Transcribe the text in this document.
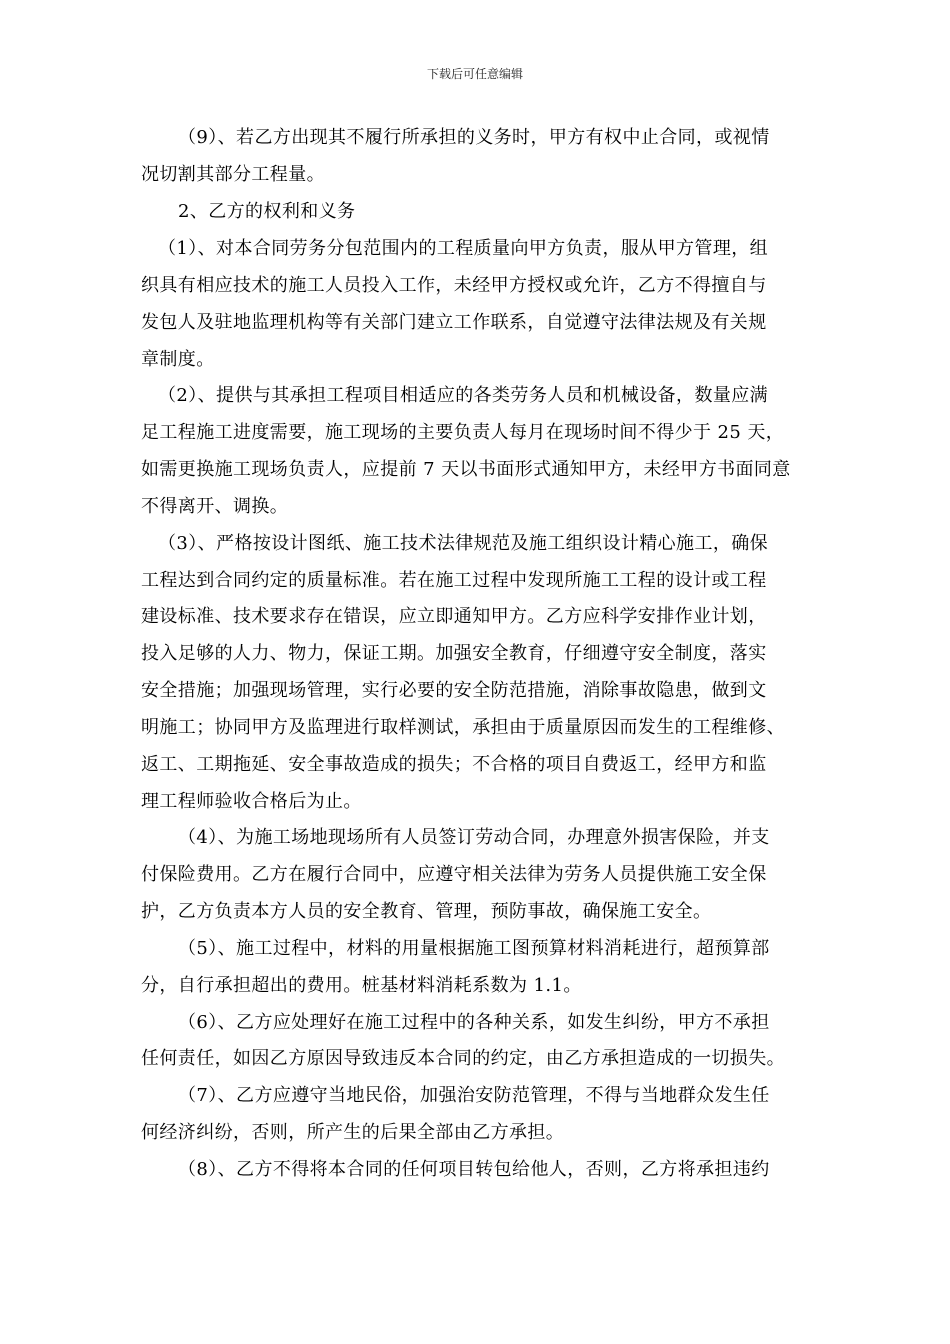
下载后可任意编辑
（9）、若乙方出现其不履行所承担的义务时，甲方有权中止合同，或视情
况切割其部分工程量。
2、乙方的权利和义务
（1）、对本合同劳务分包范围内的工程质量向甲方负责，服从甲方管理，组
织具有相应技术的施工人员投入工作，未经甲方授权或允许，乙方不得擅自与
发包人及驻地监理机构等有关部门建立工作联系，自觉遵守法律法规及有关规
章制度。
（2）、提供与其承担工程项目相适应的各类劳务人员和机械设备，数量应满
足工程施工进度需要，施工现场的主要负责人每月在现场时间不得少于 25 天，
如需更换施工现场负责人，应提前 7 天以书面形式通知甲方，未经甲方书面同意
不得离开、调换。
（3）、严格按设计图纸、施工技术法律规范及施工组织设计精心施工，确保
工程达到合同约定的质量标准。若在施工过程中发现所施工工程的设计或工程
建设标准、技术要求存在错误，应立即通知甲方。乙方应科学安排作业计划，
投入足够的人力、物力，保证工期。加强安全教育，仔细遵守安全制度，落实
安全措施；加强现场管理，实行必要的安全防范措施，消除事故隐患，做到文
明施工；协同甲方及监理进行取样测试，承担由于质量原因而发生的工程维修、
返工、工期拖延、安全事故造成的损失；不合格的项目自费返工，经甲方和监
理工程师验收合格后为止。
（4）、为施工场地现场所有人员签订劳动合同，办理意外损害保险，并支
付保险费用。乙方在履行合同中，应遵守相关法律为劳务人员提供施工安全保
护，乙方负责本方人员的安全教育、管理，预防事故，确保施工安全。
（5）、施工过程中，材料的用量根据施工图预算材料消耗进行，超预算部
分，自行承担超出的费用。桩基材料消耗系数为 1.1。
（6）、乙方应处理好在施工过程中的各种关系，如发生纠纷，甲方不承担
任何责任，如因乙方原因导致违反本合同的约定，由乙方承担造成的一切损失。
（7）、乙方应遵守当地民俗，加强治安防范管理，不得与当地群众发生任
何经济纠纷，否则，所产生的后果全部由乙方承担。
（8）、乙方不得将本合同的任何项目转包给他人，否则，乙方将承担违约
